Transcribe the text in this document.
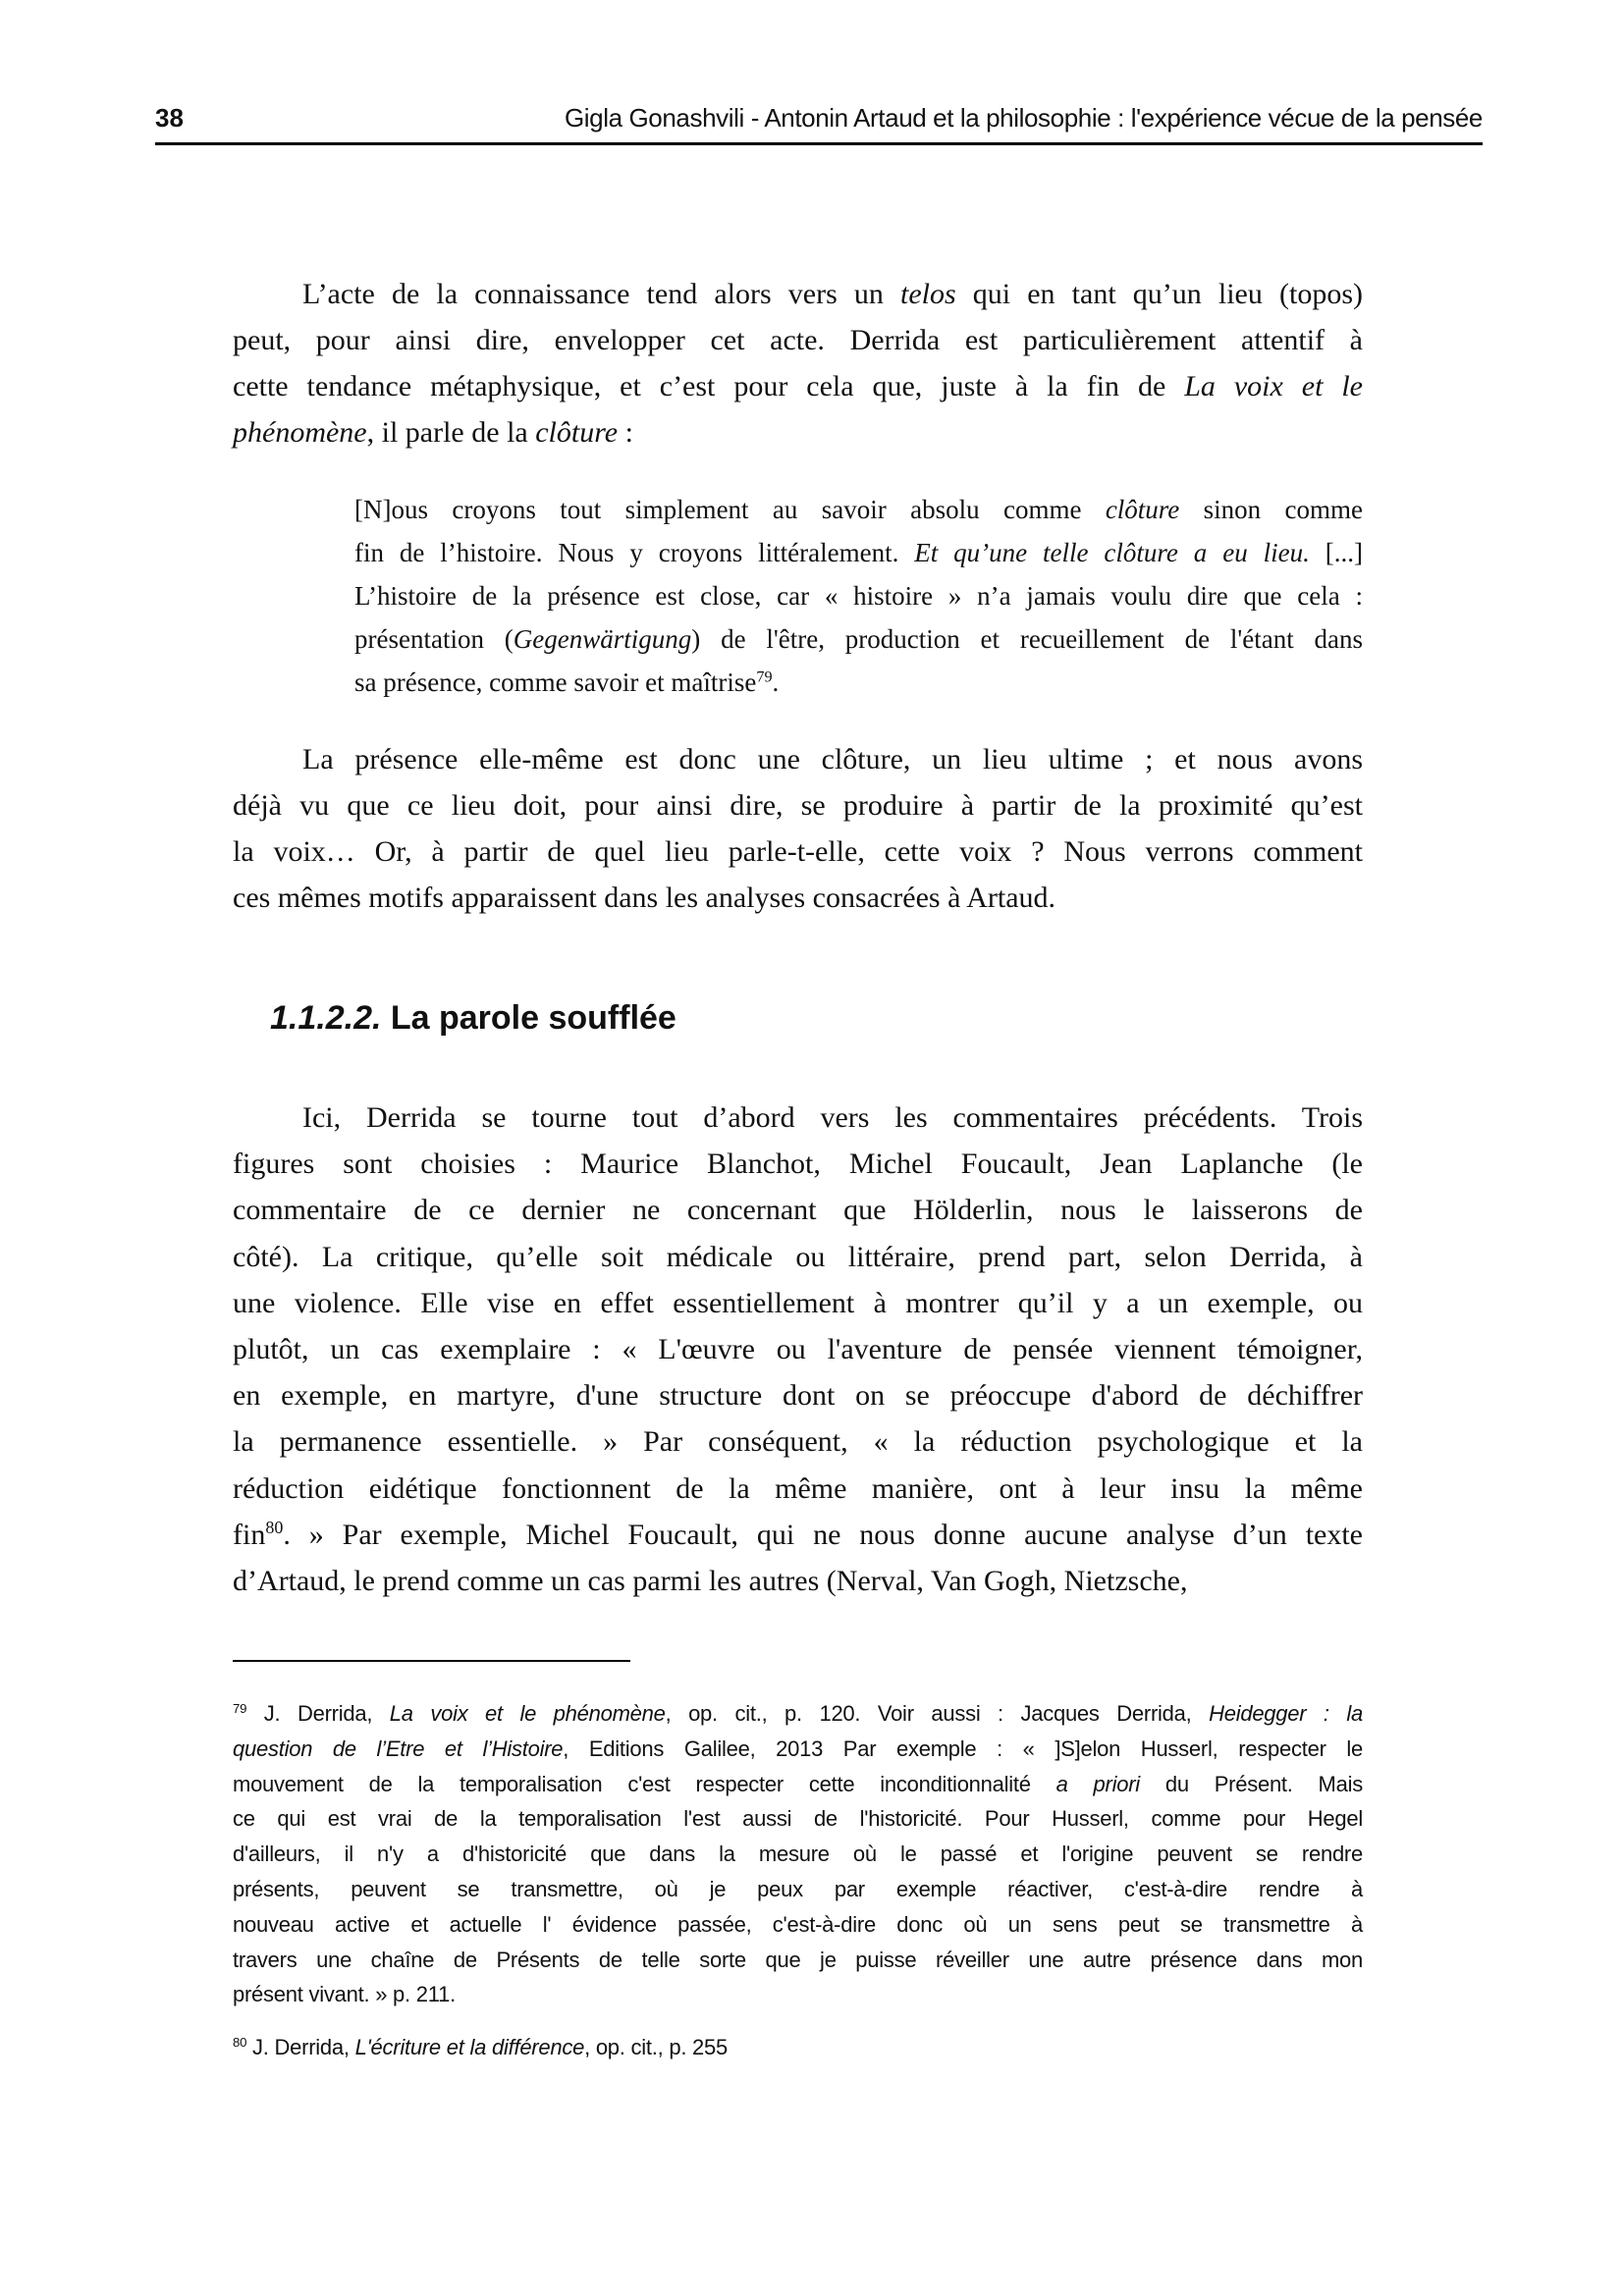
38	Gigla Gonashvili - Antonin Artaud et la philosophie : l'expérience vécue de la pensée
L’acte de la connaissance tend alors vers un telos qui en tant qu’un lieu (topos)
peut, pour ainsi dire, envelopper cet acte. Derrida est particulièrement attentif à
cette tendance métaphysique, et c’est pour cela que, juste à la fin de La voix et le
phénomène, il parle de la clôture :
[N]ous croyons tout simplement au savoir absolu comme clôture sinon comme
fin de l’histoire. Nous y croyons littéralement. Et qu’une telle clôture a eu lieu. [...]
L’histoire de la présence est close, car « histoire » n’a jamais voulu dire que cela :
présentation (Gegenwärtigung) de l'être, production et recueillement de l'étant dans
sa présence, comme savoir et maîtrise$^{79}$.
La présence elle-même est donc une clôture, un lieu ultime ; et nous avons
déjà vu que ce lieu doit, pour ainsi dire, se produire à partir de la proximité qu’est
la voix… Or, à partir de quel lieu parle-t-elle, cette voix ? Nous verrons comment
ces mêmes motifs apparaissent dans les analyses consacrées à Artaud.
1.1.2.2. La parole soufflée
Ici, Derrida se tourne tout d’abord vers les commentaires précédents. Trois
figures sont choisies : Maurice Blanchot, Michel Foucault, Jean Laplanche (le
commentaire de ce dernier ne concernant que Hölderlin, nous le laisserons de
côté). La critique, qu’elle soit médicale ou littéraire, prend part, selon Derrida, à
une violence. Elle vise en effet essentiellement à montrer qu’il y a un exemple, ou
plutôt, un cas exemplaire : « L'œuvre ou l'aventure de pensée viennent témoigner,
en exemple, en martyre, d'une structure dont on se préoccupe d'abord de déchiffrer
la permanence essentielle. » Par conséquent, « la réduction psychologique et la
réduction eidétique fonctionnent de la même manière, ont à leur insu la même
fin$^{80}$. » Par exemple, Michel Foucault, qui ne nous donne aucune analyse d’un texte
d’Artaud, le prend comme un cas parmi les autres (Nerval, Van Gogh, Nietzsche,
$^{79}$ J. Derrida, La voix et le phénomène, op. cit., p. 120. Voir aussi : Jacques Derrida, Heidegger : la
question de l’Etre et l’Histoire, Editions Galilee, 2013 Par exemple : « ]S]elon Husserl, respecter le
mouvement de la temporalisation c'est respecter cette inconditionnalité a priori du Présent. Mais
ce qui est vrai de la temporalisation l'est aussi de l'historicité. Pour Husserl, comme pour Hegel
d'ailleurs, il n'y a d'historicité que dans la mesure où le passé et l'origine peuvent se rendre
présents, peuvent se transmettre, où je peux par exemple réactiver, c'est-à-dire rendre à
nouveau active et actuelle l' évidence passée, c'est-à-dire donc où un sens peut se transmettre à
travers une chaîne de Présents de telle sorte que je puisse réveiller une autre présence dans mon
présent vivant. » p. 211.
$^{80}$ J. Derrida, L'écriture et la différence, op. cit., p. 255
